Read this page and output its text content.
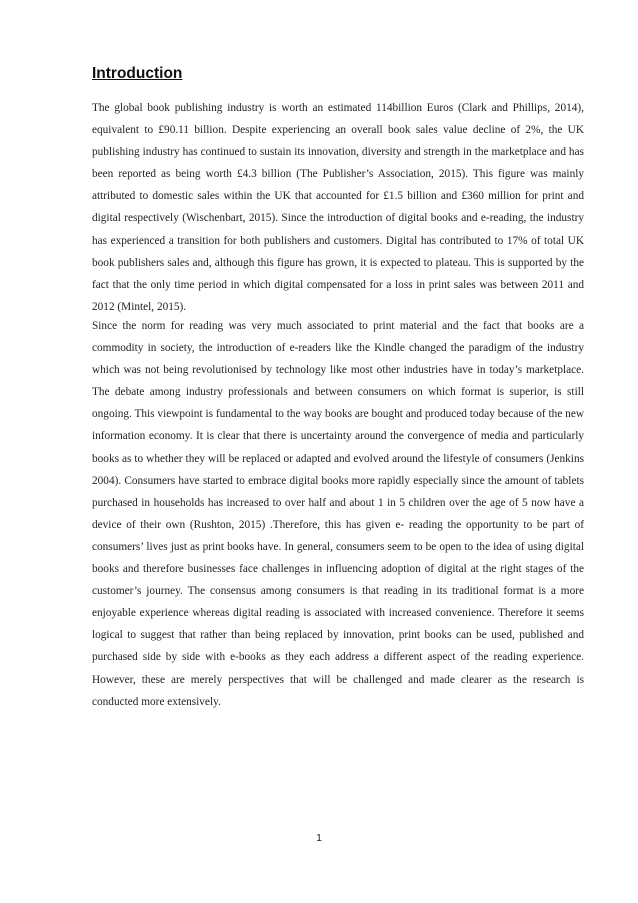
Introduction

The global book publishing industry is worth an estimated 114billion Euros (Clark and Phillips, 2014), equivalent to £90.11 billion. Despite experiencing an overall book sales value decline of 2%, the UK publishing industry has continued to sustain its innovation, diversity and strength in the marketplace and has been reported as being worth £4.3 billion (The Publisher’s Association, 2015). This figure was mainly attributed to domestic sales within the UK that accounted for £1.5 billion and £360 million for print and digital respectively (Wischenbart, 2015). Since the introduction of digital books and e-reading, the industry has experienced a transition for both publishers and customers. Digital has contributed to 17% of total UK book publishers sales and, although this figure has grown, it is expected to plateau. This is supported by the fact that the only time period in which digital compensated for a loss in print sales was between 2011 and 2012 (Mintel, 2015).

Since the norm for reading was very much associated to print material and the fact that books are a commodity in society, the introduction of e-readers like the Kindle changed the paradigm of the industry which was not being revolutionised by technology like most other industries have in today’s marketplace. The debate among industry professionals and between consumers on which format is superior, is still ongoing. This viewpoint is fundamental to the way books are bought and produced today because of the new information economy. It is clear that there is uncertainty around the convergence of media and particularly books as to whether they will be replaced or adapted and evolved around the lifestyle of consumers (Jenkins 2004). Consumers have started to embrace digital books more rapidly especially since the amount of tablets purchased in households has increased to over half and about 1 in 5 children over the age of 5 now have a device of their own (Rushton, 2015) .Therefore, this has given e- reading the opportunity to be part of consumers’ lives just as print books have. In general, consumers seem to be open to the idea of using digital books and therefore businesses face challenges in influencing adoption of digital at the right stages of the customer’s journey. The consensus among consumers is that reading in its traditional format is a more enjoyable experience whereas digital reading is associated with increased convenience. Therefore it seems logical to suggest that rather than being replaced by innovation, print books can be used, published and purchased side by side with e-books as they each address a different aspect of the reading experience. However, these are merely perspectives that will be challenged and made clearer as the research is conducted more extensively.

1
